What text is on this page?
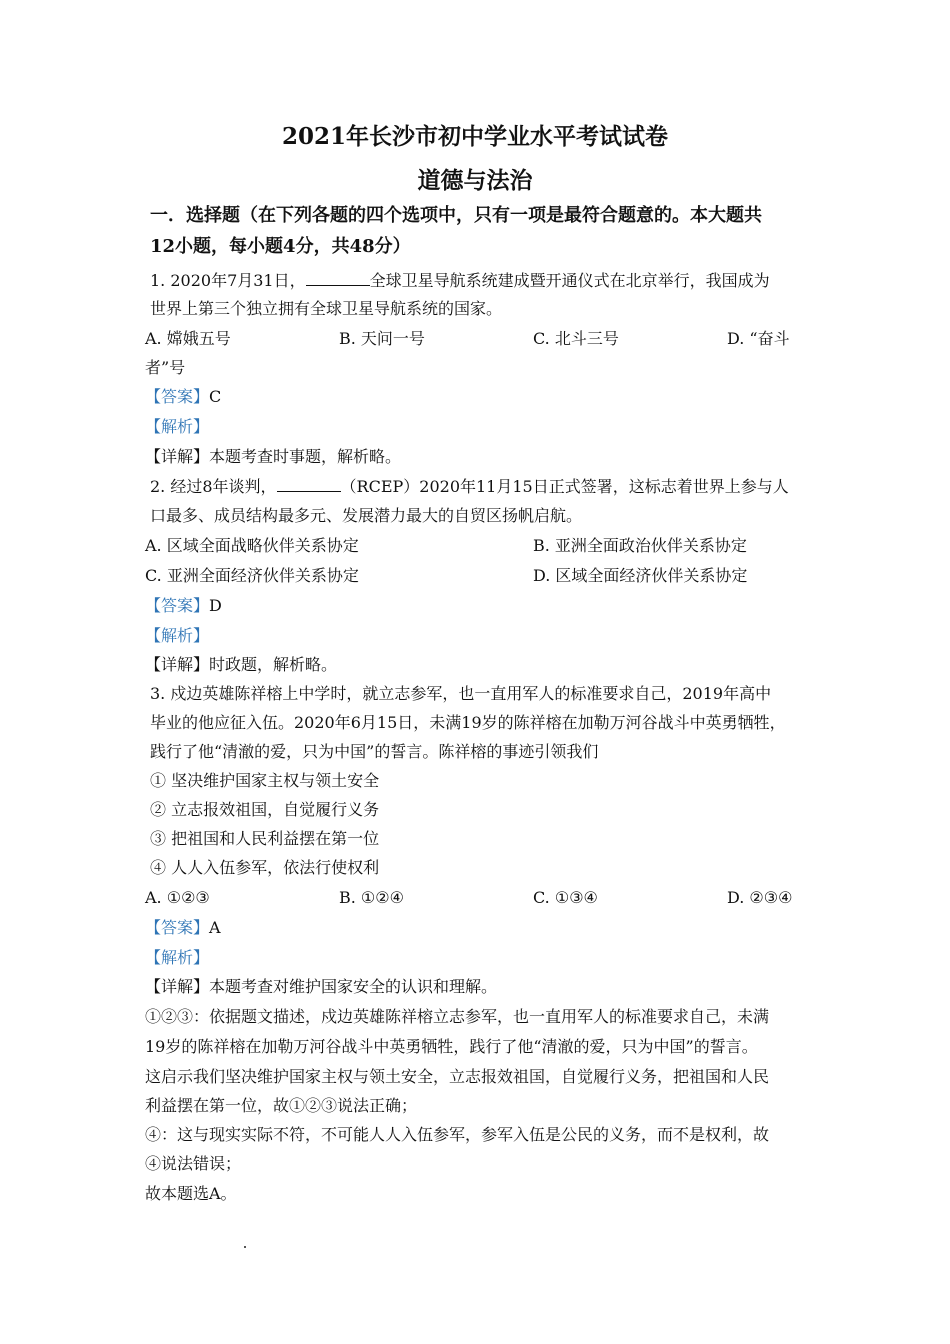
2021年长沙市初中学业水平考试试卷
道德与法治
一．选择题（在下列各题的四个选项中，只有一项是最符合题意的。本大题共
12小题，每小题4分，共48分）
1. 2020年7月31日，	全球卫星导航系统建成暨开通仪式在北京举行，我国成为
世界上第三个独立拥有全球卫星导航系统的国家。
A. 嫦娥五号	B. 天问一号	C. 北斗三号	D. “奋斗
者”号
【答案】C
【解析】
【详解】本题考查时事题，解析略。
2. 经过8年谈判，	（RCEP）2020年11月15日正式签署，这标志着世界上参与人
口最多、成员结构最多元、发展潜力最大的自贸区扬帆启航。
A. 区域全面战略伙伴关系协定	B. 亚洲全面政治伙伴关系协定
C. 亚洲全面经济伙伴关系协定	D. 区域全面经济伙伴关系协定
【答案】D
【解析】
【详解】时政题，解析略。
3. 戍边英雄陈祥榕上中学时，就立志参军，也一直用军人的标准要求自己，2019年高中
毕业的他应征入伍。2020年6月15日，未满19岁的陈祥榕在加勒万河谷战斗中英勇牺牲，
践行了他“清澈的爱，只为中国”的誓言。陈祥榕的事迹引领我们
① 坚决维护国家主权与领土安全
② 立志报效祖国，自觉履行义务
③ 把祖国和人民利益摆在第一位
④ 人人入伍参军，依法行使权利
A. ①②③	B. ①②④	C. ①③④	D. ②③④
【答案】A
【解析】
【详解】本题考查对维护国家安全的认识和理解。
①②③：依据题文描述，戍边英雄陈祥榕立志参军，也一直用军人的标准要求自己，未满
19岁的陈祥榕在加勒万河谷战斗中英勇牺牲，践行了他“清澈的爱，只为中国”的誓言。
这启示我们坚决维护国家主权与领土安全，立志报效祖国，自觉履行义务，把祖国和人民
利益摆在第一位，故①②③说法正确；
④：这与现实实际不符，不可能人人入伍参军，参军入伍是公民的义务，而不是权利，故
④说法错误；
故本题选A。
